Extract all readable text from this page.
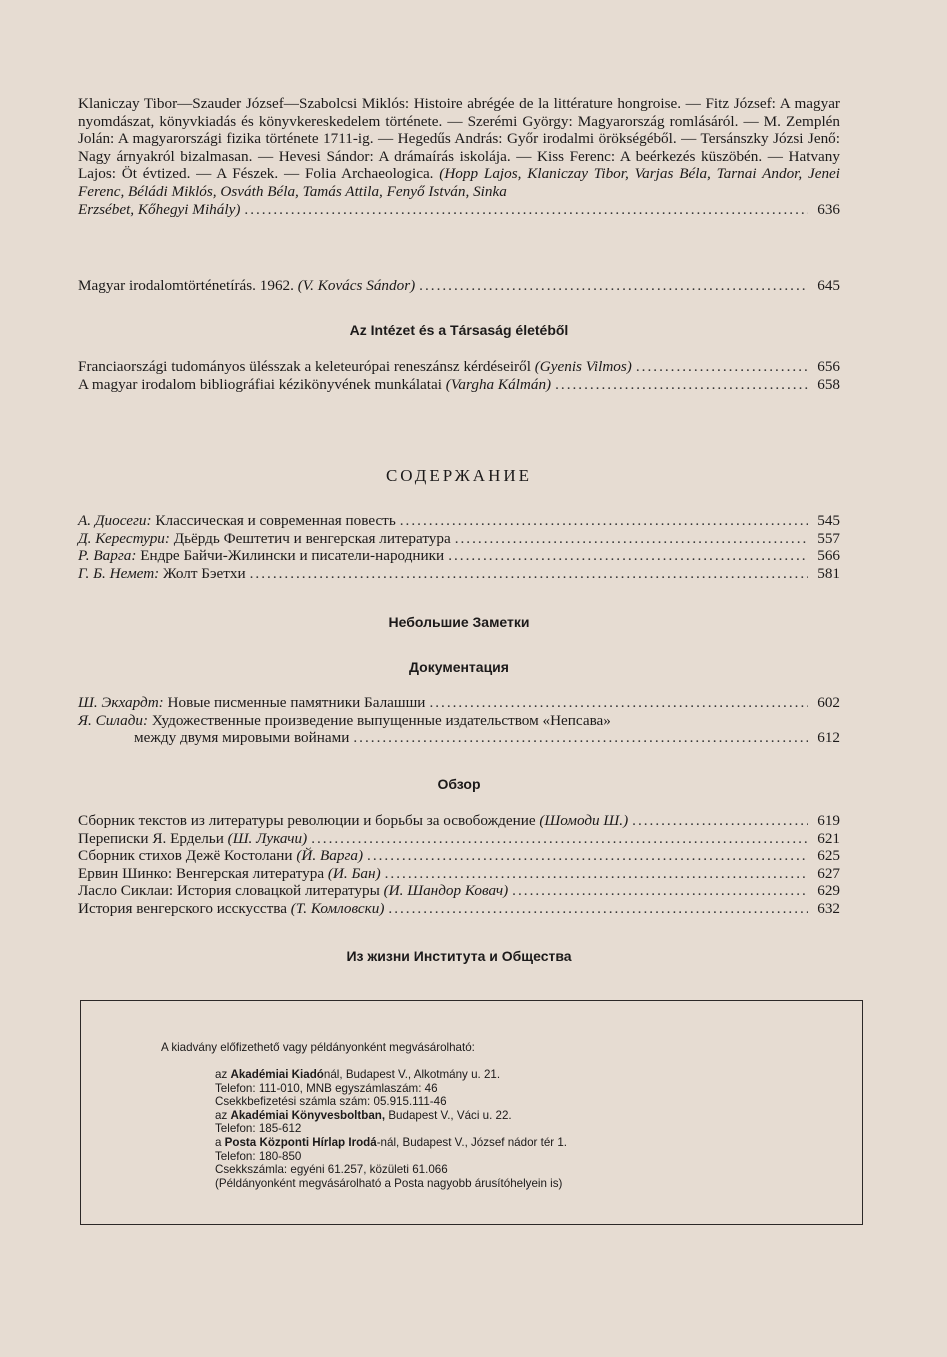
Klaniczay Tibor—Szauder József—Szabolcsi Miklós: Histoire abrégée de la littérature hongroise. — Fitz József: A magyar nyomdászat, könyvkiadás és könyvkereskedelem története. — Szerémi György: Magyarország romlásáról. — M. Zemplén Jolán: A magyarországi fizika története 1711-ig. — Hegedűs András: Győr irodalmi örökségéből. — Tersánszky Józsi Jenő: Nagy árnyakról bizalmasan. — Hevesi Sándor: A drámaírás iskolája. — Kiss Ferenc: A beérkezés küszöbén. — Hatvany Lajos: Öt évtized. — A Fészek. — Folia Archaeologica. (Hopp Lajos, Klaniczay Tibor, Varjas Béla, Tarnai Andor, Jenei Ferenc, Béládi Miklós, Osváth Béla, Tamás Attila, Fenyő István, Sinka
Erzsébet, Kőhegyi Mihály) .....	636
Magyar irodalomtörténetírás. 1962. (V. Kovács Sándor) .....	645
Az Intézet és a Társaság életéből
Franciaországi tudományos ülésszak a keleteurópai reneszánsz kérdéseiről (Gyenis Vilmos) .....	656
A magyar irodalom bibliográfiai kézikönyvének munkálatai (Vargha Kálmán) .....	658
СОДЕРЖАНИЕ
А. Диосеги: Классическая и современная повесть .....	545
Д. Керестури: Дьёрдь Фештетич и венгерская литература .....	557
Р. Варга: Ендре Байчи-Жилински и писатели-народники .....	566
Г. Б. Немет: Жолт Бэетхи .....	581
Небольшие Заметки
Документация
Ш. Экхардт: Новые писменные памятники Балашши .....	602
Я. Силади: Художественные произведение выпущенные издательством «Непсава»
между двумя мировыми войнами .....	612
Обзор
Сборник текстов из литературы революции и борьбы за освобождение (Шомоди Ш.) .....	619
Переписки Я. Ердельи (Ш. Лукачи) .....	621
Сборник стихов Дежё Костолани (Й. Варга) .....	625
Ервин Шинко: Венгерская литература (И. Бан) .....	627
Ласло Сиклаи: История словацкой литературы (И. Шандор Ковач) .....	629
История венгерского иcскусства (Т. Комловски) .....	632
Из жизни Института и Общества
A kiadvány előfizethető vagy példányonként megvásárolható:
az Akadémiai Kiadónál, Budapest V., Alkotmány u. 21.
Telefon: 111-010, MNB egyszámlaszám: 46
Csekkbefizetési számla szám: 05.915.111-46
az Akadémiai Könyvesboltban, Budapest V., Váci u. 22.
Telefon: 185-612
a Posta Központi Hírlap Irodá-nál, Budapest V., József nádor tér 1.
Telefon: 180-850
Csekkszámla: egyéni 61.257, közületi 61.066
(Példányonként megvásárolható a Posta nagyobb árusítóhelyein is)
